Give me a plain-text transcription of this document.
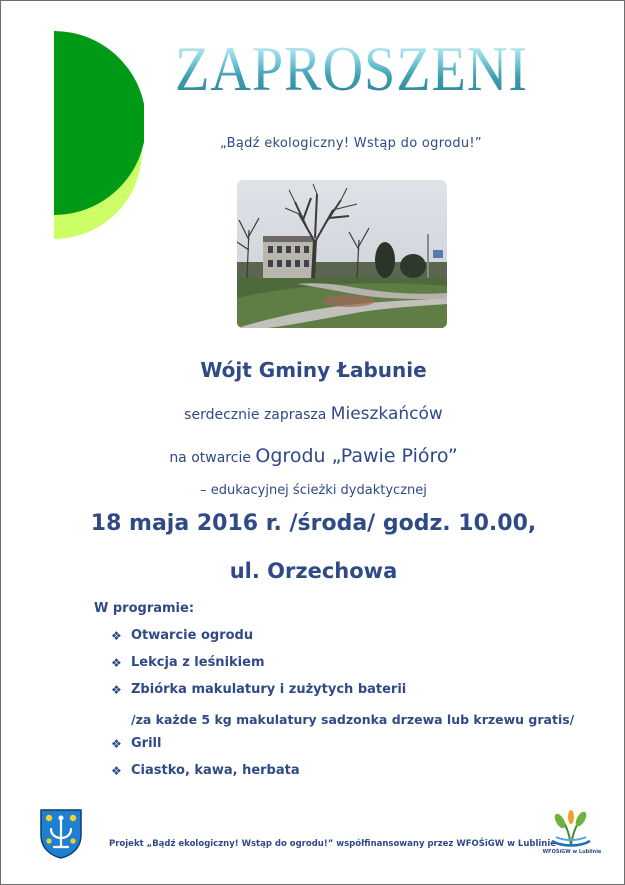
ZAPROSZENIE
„Bądź ekologiczny! Wstąp do ogrodu!”
Wójt Gminy Łabunie
serdecznie zaprasza Mieszkańców
na otwarcie Ogrodu „Pawie Pióro”
– edukacyjnej ścieżki dydaktycznej
18 maja 2016 r. /środa/ godz. 10.00,
ul. Orzechowa
W programie:
❖ Otwarcie ogrodu
❖ Lekcja z leśnikiem
❖ Zbiórka makulatury i zużytych baterii
❖ Grill
❖ Ciastko, kawa, herbata
/za każde 5 kg makulatury sadzonka drzewa lub krzewu gratis/
Projekt „Bądź ekologiczny! Wstąp do ogrodu!” współfinansowany przez WFOŚiGW w Lublinie
WFOŚiGW w Lublinie
